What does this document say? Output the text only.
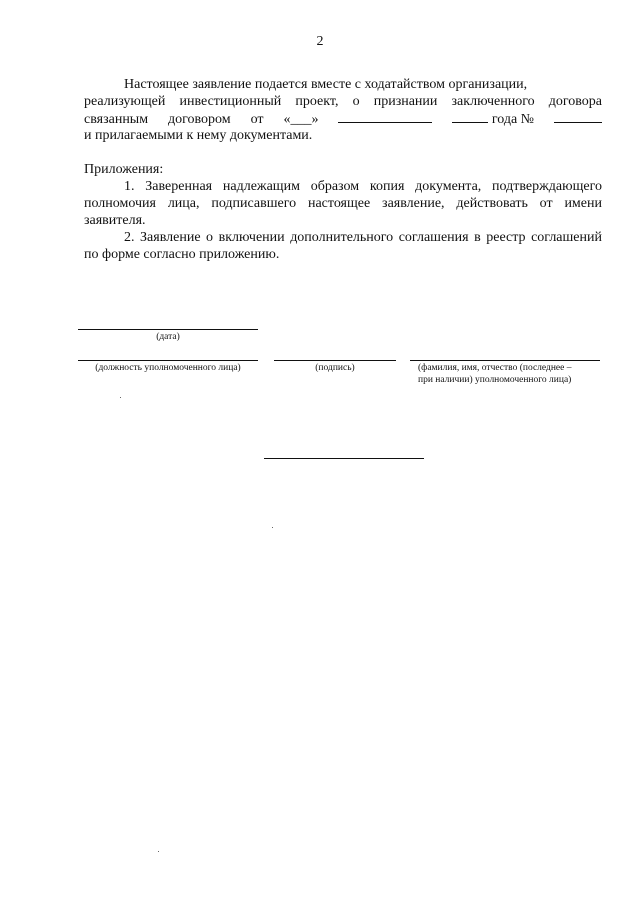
2
Настоящее заявление подается вместе с ходатайством организации,
реализующей инвестиционный проект, о признании заключенного договора
связанным договором от «___»	года №
и прилагаемыми к нему документами.
Приложения:
1. Заверенная надлежащим образом копия документа, подтверждающего полномочия лица, подписавшего настоящее заявление, действовать от имени заявителя.
2. Заявление о включении дополнительного соглашения в реестр соглашений по форме согласно приложению.
(дата)
(должность уполномоченного лица)	(подпись)	(фамилия, имя, отчество (последнее –
при наличии) уполномоченного лица)
